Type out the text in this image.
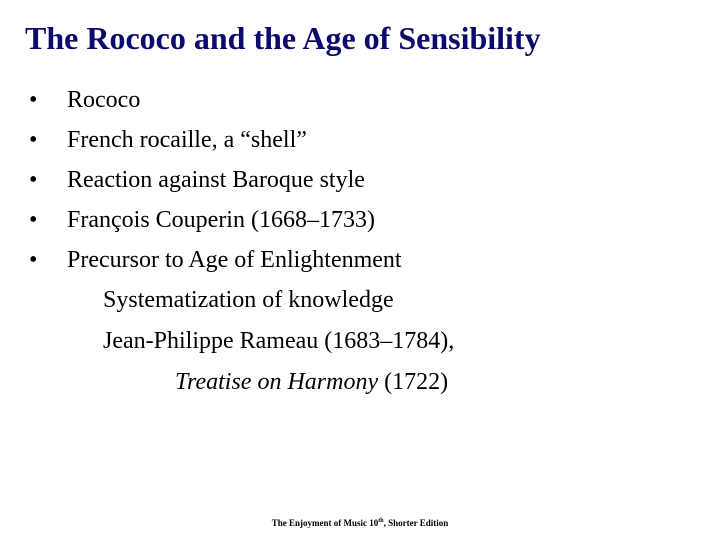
The Rococo and the Age of Sensibility
• Rococo
• French rocaille, a “shell”
• Reaction against Baroque style
• François Couperin (1668–1733)
• Precursor to Age of Enlightenment
Systematization of knowledge
Jean-Philippe Rameau (1683–1784),
Treatise on Harmony (1722)
The Enjoyment of Music 10th, Shorter Edition
